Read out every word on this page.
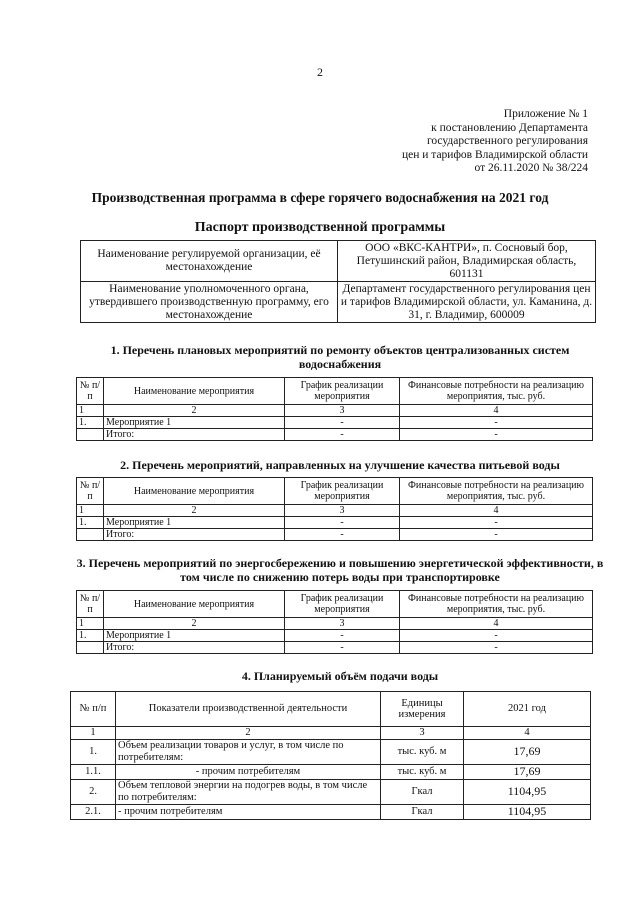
2
Приложение № 1
к постановлению Департамента
государственного регулирования
цен и тарифов Владимирской области
от 26.11.2020 № 38/224
Производственная программа в сфере горячего водоснабжения на 2021 год
Паспорт производственной программы
Наименование регулируемой организации, её местонахождение	ООО «ВКС-КАНТРИ», п. Сосновый бор, Петушинский район, Владимирская область, 601131
Наименование уполномоченного органа, утвердившего производственную программу, его местонахождение	Департамент государственного регулирования цен и тарифов Владимирской области, ул. Каманина, д. 31, г. Владимир, 600009
1. Перечень плановых мероприятий по ремонту объектов централизованных систем водоснабжения
№ п/п	Наименование мероприятия	График реализации мероприятия	Финансовые потребности на реализацию мероприятия, тыс. руб.
1	2	3	4
1.	Мероприятие 1	-	-
	Итого:	-	-
2. Перечень мероприятий, направленных на улучшение качества питьевой воды
№ п/п	Наименование мероприятия	График реализации мероприятия	Финансовые потребности на реализацию мероприятия, тыс. руб.
1	2	3	4
1.	Мероприятие 1	-	-
	Итого:	-	-
3. Перечень мероприятий по энергосбережению и повышению энергетической эффективности, в том числе по снижению потерь воды при транспортировке
№ п/п	Наименование мероприятия	График реализации мероприятия	Финансовые потребности на реализацию мероприятия, тыс. руб.
1	2	3	4
1.	Мероприятие 1	-	-
	Итого:	-	-
4. Планируемый объём подачи воды
№ п/п	Показатели производственной деятельности	Единицы измерения	2021 год
1	2	3	4
1.	Объем реализации товаров и услуг, в том числе по потребителям:	тыс. куб. м	17,69
1.1.	- прочим потребителям	тыс. куб. м	17,69
2.	Объем тепловой энергии на подогрев воды, в том числе по потребителям:	Гкал	1104,95
2.1.	- прочим потребителям	Гкал	1104,95
